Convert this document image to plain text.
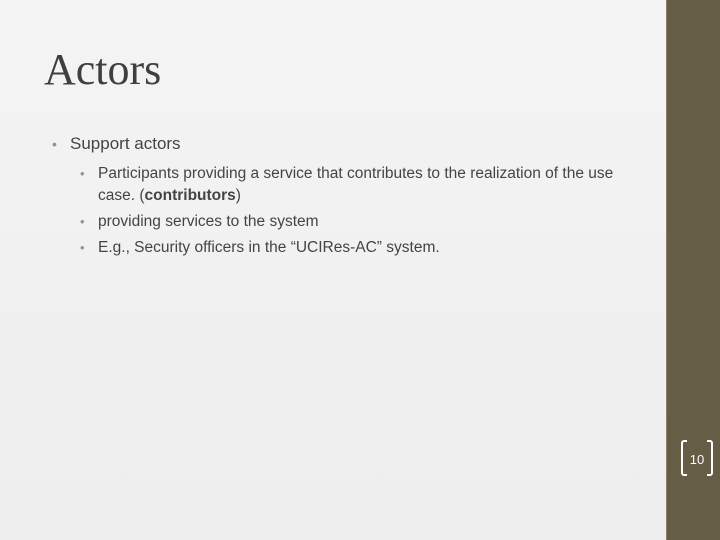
Actors
• Support actors
• Participants providing a service that contributes to the realization of the use case. (contributors)
• providing services to the system
• E.g., Security officers in the “UCIRes-AC” system.
10
